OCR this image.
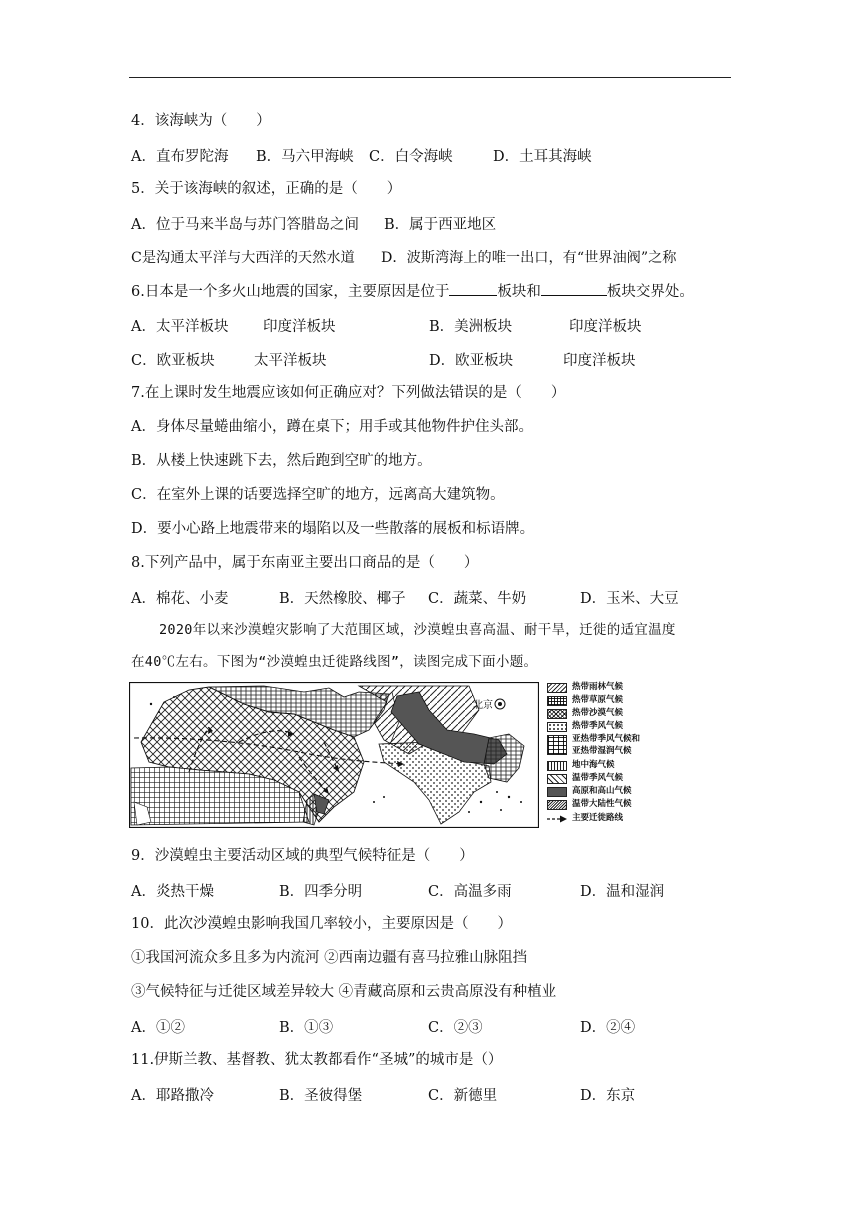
4．该海峡为（　　）
A．直布罗陀海 B．马六甲海峡 C．白令海峡	D．土耳其海峡
5．关于该海峡的叙述，正确的是（　　）
A．位于马来半岛与苏门答腊岛之间 B．属于西亚地区
C是沟通太平洋与大西洋的天然水道 D．波斯湾海上的唯一出口，有“世界油阀”之称
6.日本是一个多火山地震的国家，主要原因是位于	板块和	板块交界处。
A．太平洋板块 印度洋板块	B．美洲板块	印度洋板块
C．欧亚板块	太平洋板块	D．欧亚板块	印度洋板块
7.在上课时发生地震应该如何正确应对？下列做法错误的是（　　）
A．身体尽量蜷曲缩小，蹲在桌下；用手或其他物件护住头部。
B．从楼上快速跳下去，然后跑到空旷的地方。
C．在室外上课的话要选择空旷的地方，远离高大建筑物。
D．要小心路上地震带来的塌陷以及一些散落的展板和标语牌。
8.下列产品中，属于东南亚主要出口商品的是（　　）
A．棉花、小麦	B．天然橡胶、椰子 C．蔬菜、牛奶	D．玉米、大豆
2020年以来沙漠蝗灾影响了大范围区域，沙漠蝗虫喜高温、耐干旱，迁徙的适宜温度
在40℃左右。下图为“沙漠蝗虫迁徙路线图”，读图完成下面小题。
北京
热带雨林气候
热带草原气候
热带沙漠气候
热带季风气候
亚热带季风气候和
亚热带湿润气候
地中海气候
温带季风气候
高原和高山气候
温带大陆性气候
主要迁徙路线
9．沙漠蝗虫主要活动区域的典型气候特征是（　　）
A．炎热干燥	B．四季分明	C．高温多雨	D．温和湿润
10．此次沙漠蝗虫影响我国几率较小，主要原因是（　　）
①我国河流众多且多为内流河 ②西南边疆有喜马拉雅山脉阻挡
③气候特征与迁徙区域差异较大 ④青藏高原和云贵高原没有种植业
A．①②	B．①③	C．②③	D．②④
11.伊斯兰教、基督教、犹太教都看作“圣城”的城市是（）
A．耶路撒冷	B．圣彼得堡	C．新德里	D．东京
